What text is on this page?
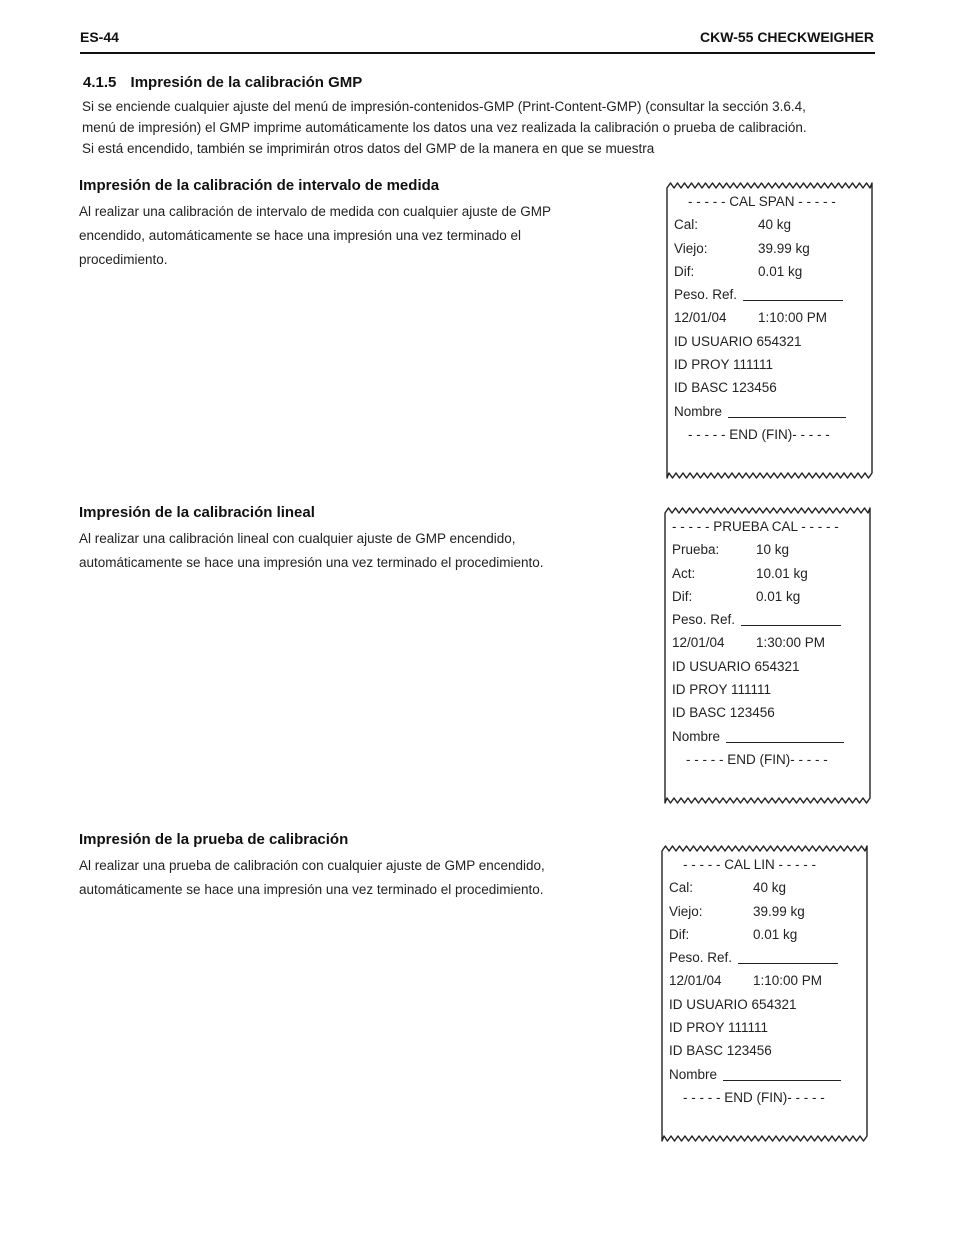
ES-44	CKW-55 CHECKWEIGHER
4.1.5 Impresión de la calibración GMP

Si se enciende cualquier ajuste del menú de impresión-contenidos-GMP (Print-Content-GMP) (consultar la sección 3.6.4,

menú de impresión) el GMP imprime automáticamente los datos una vez realizada la calibración o prueba de calibración.

Si está encendido, también se imprimirán otros datos del GMP de la manera en que se muestra

Impresión de la calibración de intervalo de medida
Al realizar una calibración de intervalo de medida con cualquier ajuste de GMP
encendido, automáticamente se hace una impresión una vez terminado el
procedimiento.
Impresión de la calibración lineal
Al realizar una calibración lineal con cualquier ajuste de GMP encendido,
automáticamente se hace una impresión una vez terminado el procedimiento.
Impresión de la prueba de calibración
Al realizar una prueba de calibración con cualquier ajuste de GMP encendido,
automáticamente se hace una impresión una vez terminado el procedimiento.
- - - - - CAL SPAN - - - - -
Cal:	40 kg
Viejo:	39.99 kg
Dif:	0.01 kg
Peso. Ref.
12/01/04 1:10:00 PM
ID USUARIO 654321
ID PROY 111111
ID BASC 123456
Nombre
- - - - - END (FIN)- - - - -
- - - - - PRUEBA CAL - - - - -
Prueba:	10 kg
Act:	10.01 kg
Dif:	0.01 kg
Peso. Ref.
12/01/04 1:30:00 PM
ID USUARIO 654321
ID PROY 111111
ID BASC 123456
Nombre
- - - - - END (FIN)- - - - -
- - - - - CAL LIN - - - - -
Cal:	40 kg
Viejo:	39.99 kg
Dif:	0.01 kg
Peso. Ref.
12/01/04 1:10:00 PM
ID USUARIO 654321
ID PROY 111111
ID BASC 123456
Nombre
- - - - - END (FIN)- - - - -
